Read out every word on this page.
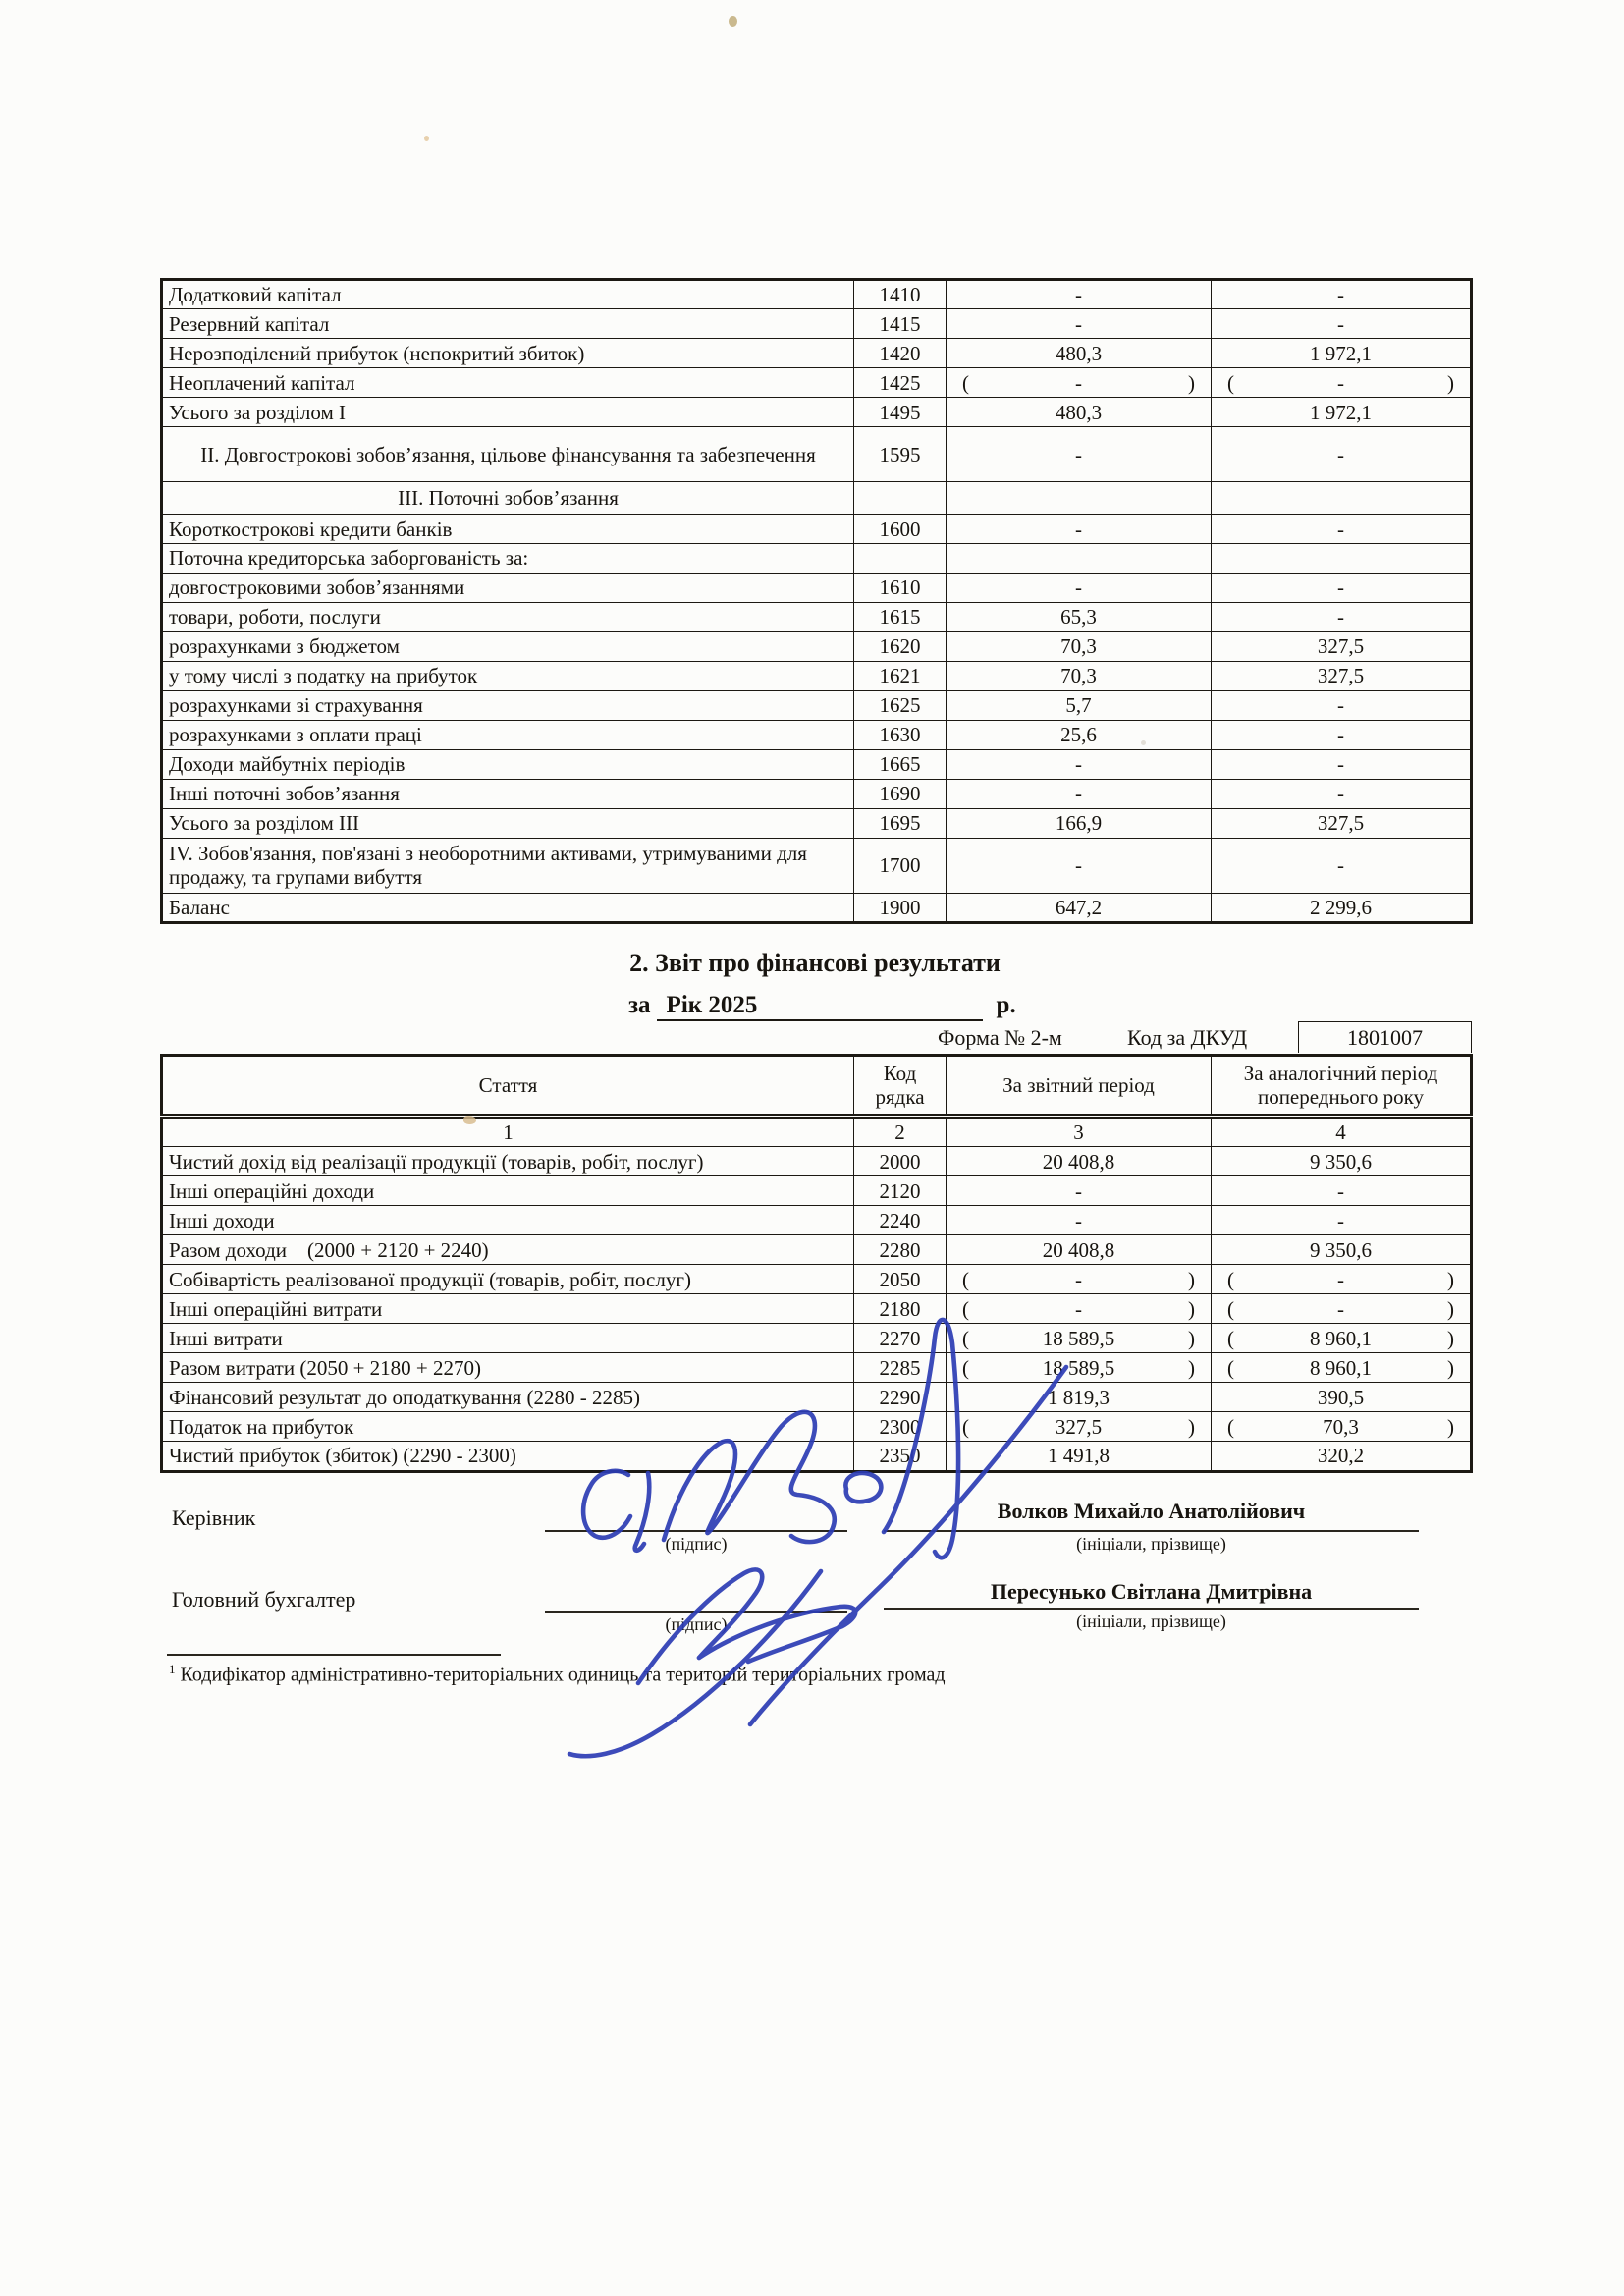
Додатковий капітал	1410	-	-

Резервний капітал	1415	-	-

Нерозподілений прибуток (непокритий збиток)	1420	480,3	1 972,1

Неоплачений капітал	1425	( - )	( - )

Усього за розділом I	1495	480,3	1 972,1

II. Довгострокові зобов’язання, цільове фінансування та забезпечення	1595	-	-

III. Поточні зобов’язання			
Короткострокові кредити банків	1600	-	-

Поточна кредиторська заборгованість за:			
довгостроковими зобов’язаннями	1610	-	-

товари, роботи, послуги	1615	65,3	-

розрахунками з бюджетом	1620	70,3	327,5

у тому числі з податку на прибуток	1621	70,3	327,5

розрахунками зі страхування	1625	5,7	-

розрахунками з оплати праці	1630	25,6	-

Доходи майбутніх періодів	1665	-	-

Інші поточні зобов’язання	1690	-	-

Усього за розділом III	1695	166,9	327,5

IV. Зобов'язання, пов'язані з необоротними активами, утримуваними для продажу, та групами вибуття	1700	-	-

Баланс	1900	647,2	2 299,6
2. Звіт про фінансові результати
за Рік 2025	р.
Форма № 2-м	Код за ДКУД	1801007
Стаття	Код рядка	За звітний період	За аналогічний період попереднього року
1	2	3	4
Чистий дохід від реалізації продукції (товарів, робіт, послуг)	2000	20 408,8	9 350,6

Інші операційні доходи	2120	-	-

Інші доходи	2240	-	-

Разом доходи    (2000 + 2120 + 2240)	2280	20 408,8	9 350,6

Собівартість реалізованої продукції (товарів, робіт, послуг)	2050	( - )	( - )

Інші операційні витрати	2180	( - )	( - )

Інші витрати	2270	( 18 589,5 )	( 8 960,1 )

Разом витрати (2050 + 2180 + 2270)	2285	( 18 589,5 )	( 8 960,1 )

Фінансовий результат до оподаткування (2280 - 2285)	2290	1 819,3	390,5

Податок на прибуток	2300	( 327,5 )	( 70,3 )

Чистий прибуток (збиток) (2290 - 2300)	2350	1 491,8	320,2
Керівник
(підпис)
Волков Михайло Анатолійович
(ініціали, прізвище)
Головний бухгалтер
(підпис)
Пересунько Світлана Дмитрівна
(ініціали, прізвище)
$^1$ Кодифікатор адміністративно-територіальних одиниць та територій територіальних громад
